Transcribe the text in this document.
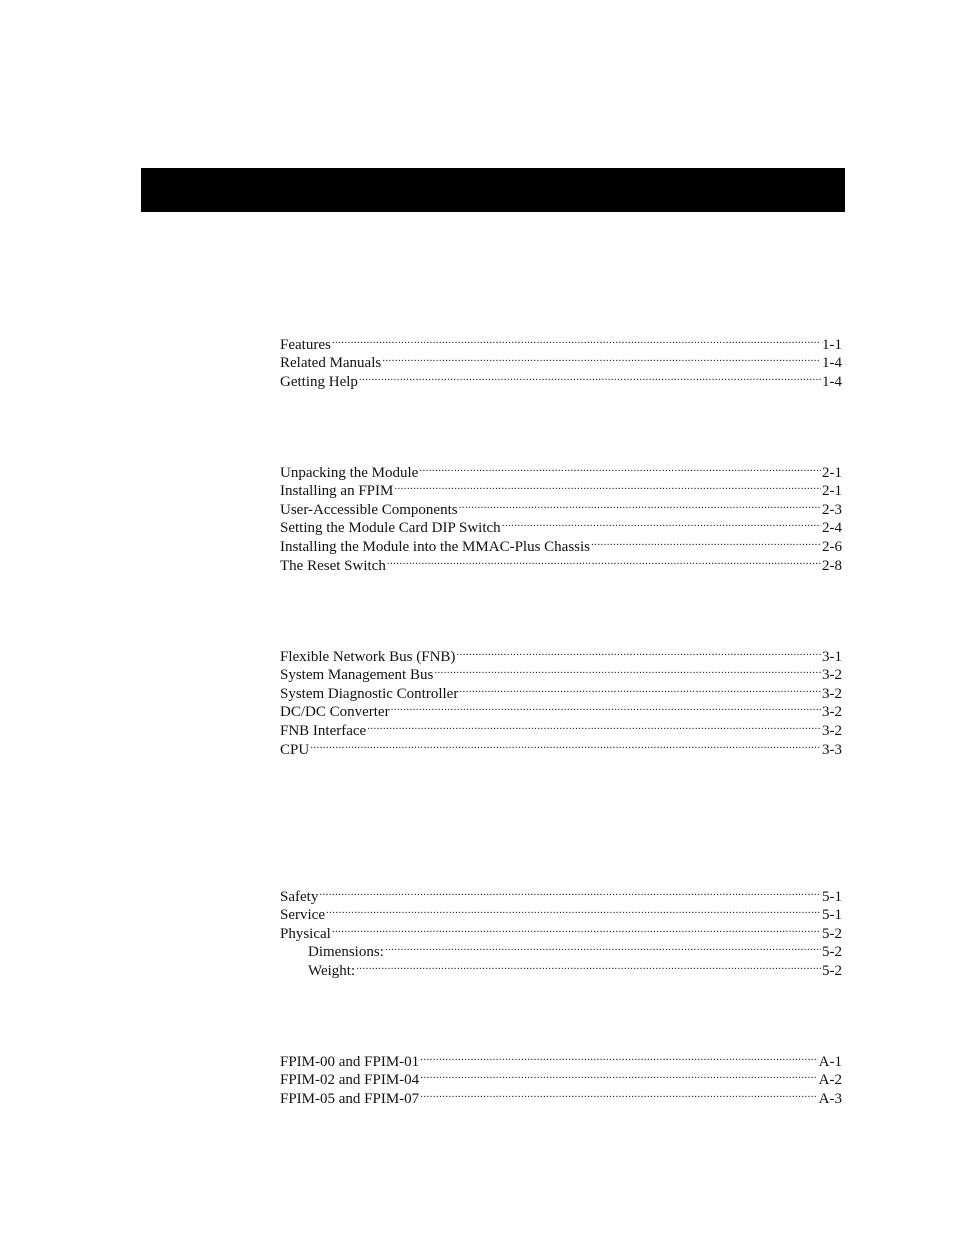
Features .....	1-1
Related Manuals .....	1-4
Getting Help .....	1-4
Unpacking the Module .....	2-1
Installing an FPIM .....	2-1
User-Accessible Components .....	2-3
Setting the Module Card DIP Switch .....	2-4
Installing the Module into the MMAC-Plus Chassis .....	2-6
The Reset Switch .....	2-8
Flexible Network Bus (FNB) .....	3-1
System Management Bus .....	3-2
System Diagnostic Controller .....	3-2
DC/DC Converter .....	3-2
FNB Interface .....	3-2
CPU .....	3-3
Safety .....	5-1
Service .....	5-1
Physical .....	5-2
Dimensions: .....	5-2
Weight: .....	5-2
FPIM-00 and FPIM-01 .....	A-1
FPIM-02 and FPIM-04 .....	A-2
FPIM-05 and FPIM-07 .....	A-3
